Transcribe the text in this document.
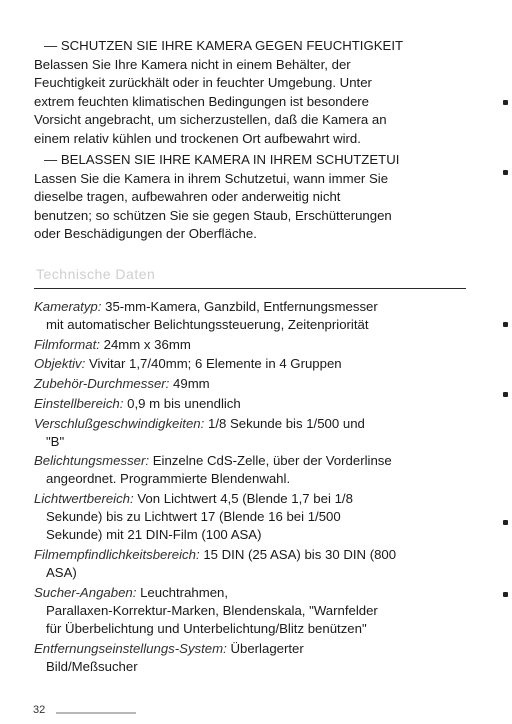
— SCHUTZEN SIE IHRE KAMERA GEGEN FEUCHTIGKEIT

Belassen Sie Ihre Kamera nicht in einem Behälter, der

Feuchtigkeit zurückhält oder in feuchter Umgebung. Unter

extrem feuchten klimatischen Bedingungen ist besondere

Vorsicht angebracht, um sicherzustellen, daß die Kamera an

einem relativ kühlen und trockenen Ort aufbewahrt wird.

— BELASSEN SIE IHRE KAMERA IN IHREM SCHUTZETUI

Lassen Sie die Kamera in ihrem Schutzetui, wann immer Sie

dieselbe tragen, aufbewahren oder anderweitig nicht

benutzen; so schützen Sie sie gegen Staub, Erschütterungen

oder Beschädigungen der Oberfläche.

Technische Daten

Kameratyp: 35-mm-Kamera, Ganzbild, Entfernungsmesser
mit automatischer Belichtungssteuerung, Zeitenpriorität

Filmformat: 24mm x 36mm

Objektiv: Vivitar 1,7/40mm; 6 Elemente in 4 Gruppen

Zubehör-Durchmesser: 49mm

Einstellbereich: 0,9 m bis unendlich

Verschlußgeschwindigkeiten: 1/8 Sekunde bis 1/500 und
"B"

Belichtungsmesser: Einzelne CdS-Zelle, über der Vorderlinse
angeordnet. Programmierte Blendenwahl.

Lichtwertbereich: Von Lichtwert 4,5 (Blende 1,7 bei 1/8
Sekunde) bis zu Lichtwert 17 (Blende 16 bei 1/500
Sekunde) mit 21 DIN-Film (100 ASA)

Filmempfindlichkeitsbereich: 15 DIN (25 ASA) bis 30 DIN (800
ASA)

Sucher-Angaben: Leuchtrahmen,
Parallaxen-Korrektur-Marken, Blendenskala, "Warnfelder
für Überbelichtung und Unterbelichtung/Blitz benützen"

Entfernungseinstellungs-System: Überlagerter
Bild/Meßsucher

32
